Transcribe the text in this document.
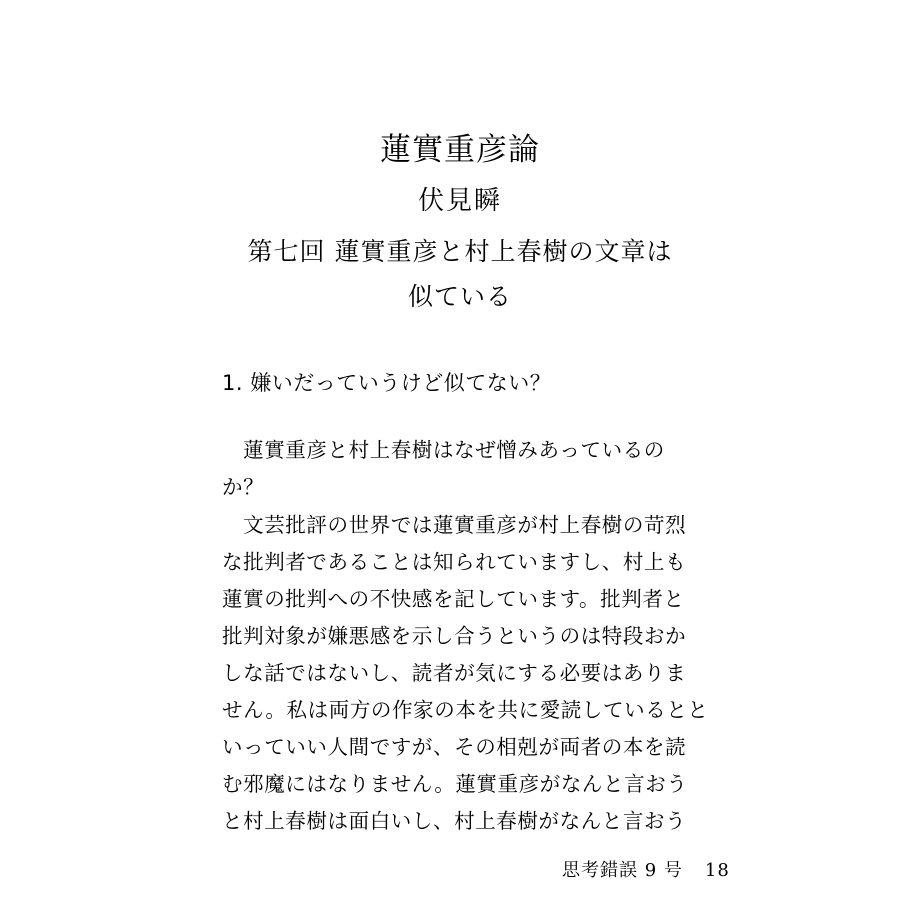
蓮實重彦論
伏見瞬
第七回 蓮實重彦と村上春樹の文章は
似ている
1. 嫌いだっていうけど似てない？
　蓮實重彦と村上春樹はなぜ憎みあっているの
か？
　文芸批評の世界では蓮實重彦が村上春樹の苛烈
な批判者であることは知られていますし、村上も
蓮實の批判への不快感を記しています。批判者と
批判対象が嫌悪感を示し合うというのは特段おか
しな話ではないし、読者が気にする必要はありま
せん。私は両方の作家の本を共に愛読しているとと
いっていい人間ですが、その相剋が両者の本を読
む邪魔にはなりません。蓮實重彦がなんと言おう
と村上春樹は面白いし、村上春樹がなんと言おう
思考錯誤 9 号 18
